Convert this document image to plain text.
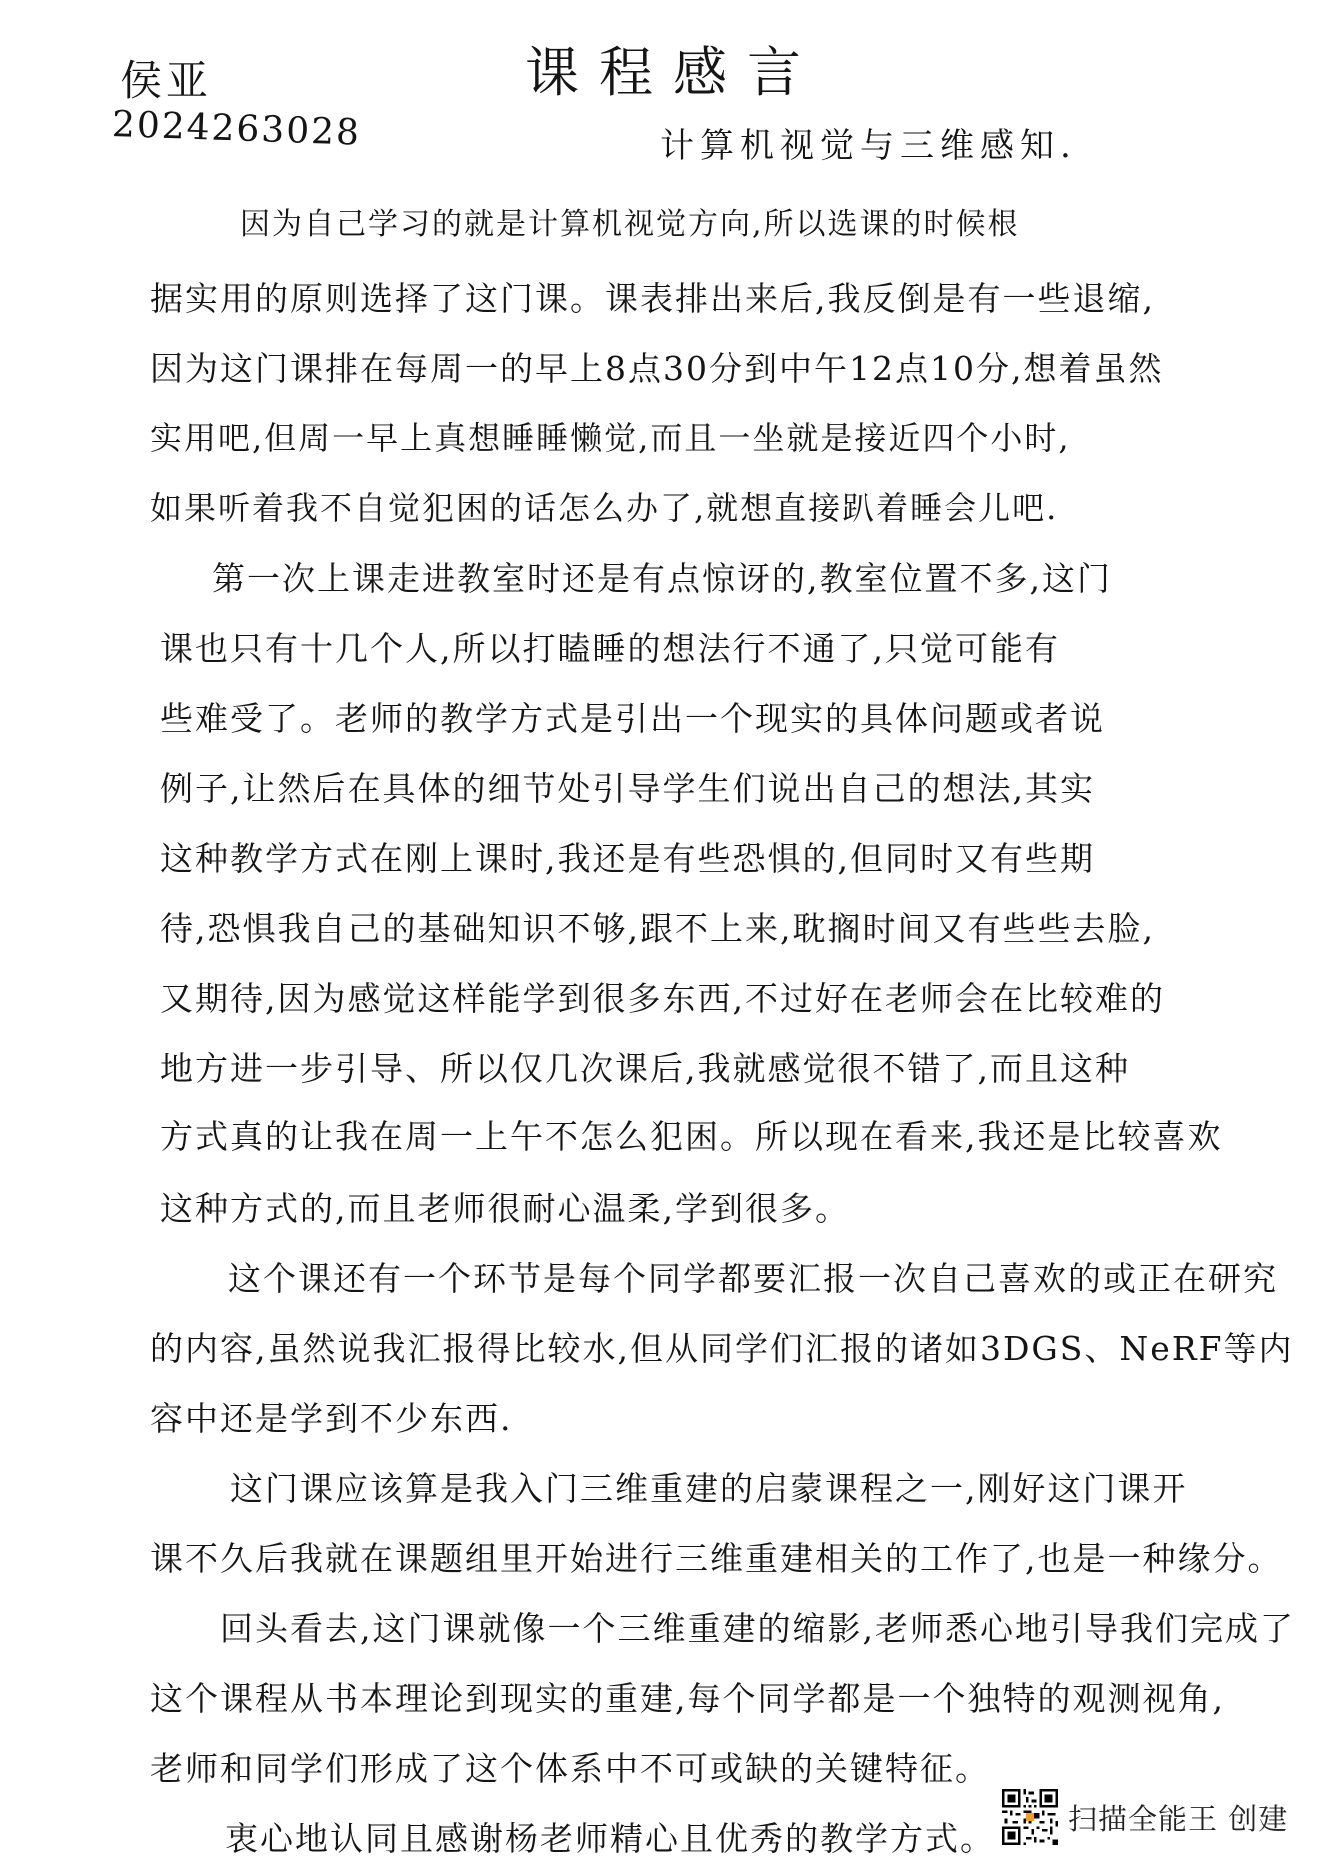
侯亚
2024263028
课程感言
计算机视觉与三维感知.
因为自己学习的就是计算机视觉方向,所以选课的时候根
据实用的原则选择了这门课。课表排出来后,我反倒是有一些退缩,
因为这门课排在每周一的早上8点30分到中午12点10分,想着虽然
实用吧,但周一早上真想睡睡懒觉,而且一坐就是接近四个小时,
如果听着我不自觉犯困的话怎么办了,就想直接趴着睡会儿吧.
第一次上课走进教室时还是有点惊讶的,教室位置不多,这门
课也只有十几个人,所以打瞌睡的想法行不通了,只觉可能有
些难受了。老师的教学方式是引出一个现实的具体问题或者说
例子,让然后在具体的细节处引导学生们说出自己的想法,其实
这种教学方式在刚上课时,我还是有些恐惧的,但同时又有些期
待,恐惧我自己的基础知识不够,跟不上来,耽搁时间又有些些去脸,
又期待,因为感觉这样能学到很多东西,不过好在老师会在比较难的
地方进一步引导、所以仅几次课后,我就感觉很不错了,而且这种
方式真的让我在周一上午不怎么犯困。所以现在看来,我还是比较喜欢
这种方式的,而且老师很耐心温柔,学到很多。
这个课还有一个环节是每个同学都要汇报一次自己喜欢的或正在研究
的内容,虽然说我汇报得比较水,但从同学们汇报的诸如3DGS、NeRF等内
容中还是学到不少东西.
这门课应该算是我入门三维重建的启蒙课程之一,刚好这门课开
课不久后我就在课题组里开始进行三维重建相关的工作了,也是一种缘分。
回头看去,这门课就像一个三维重建的缩影,老师悉心地引导我们完成了
这个课程从书本理论到现实的重建,每个同学都是一个独特的观测视角,
老师和同学们形成了这个体系中不可或缺的关键特征。
衷心地认同且感谢杨老师精心且优秀的教学方式。
扫描全能王 创建
